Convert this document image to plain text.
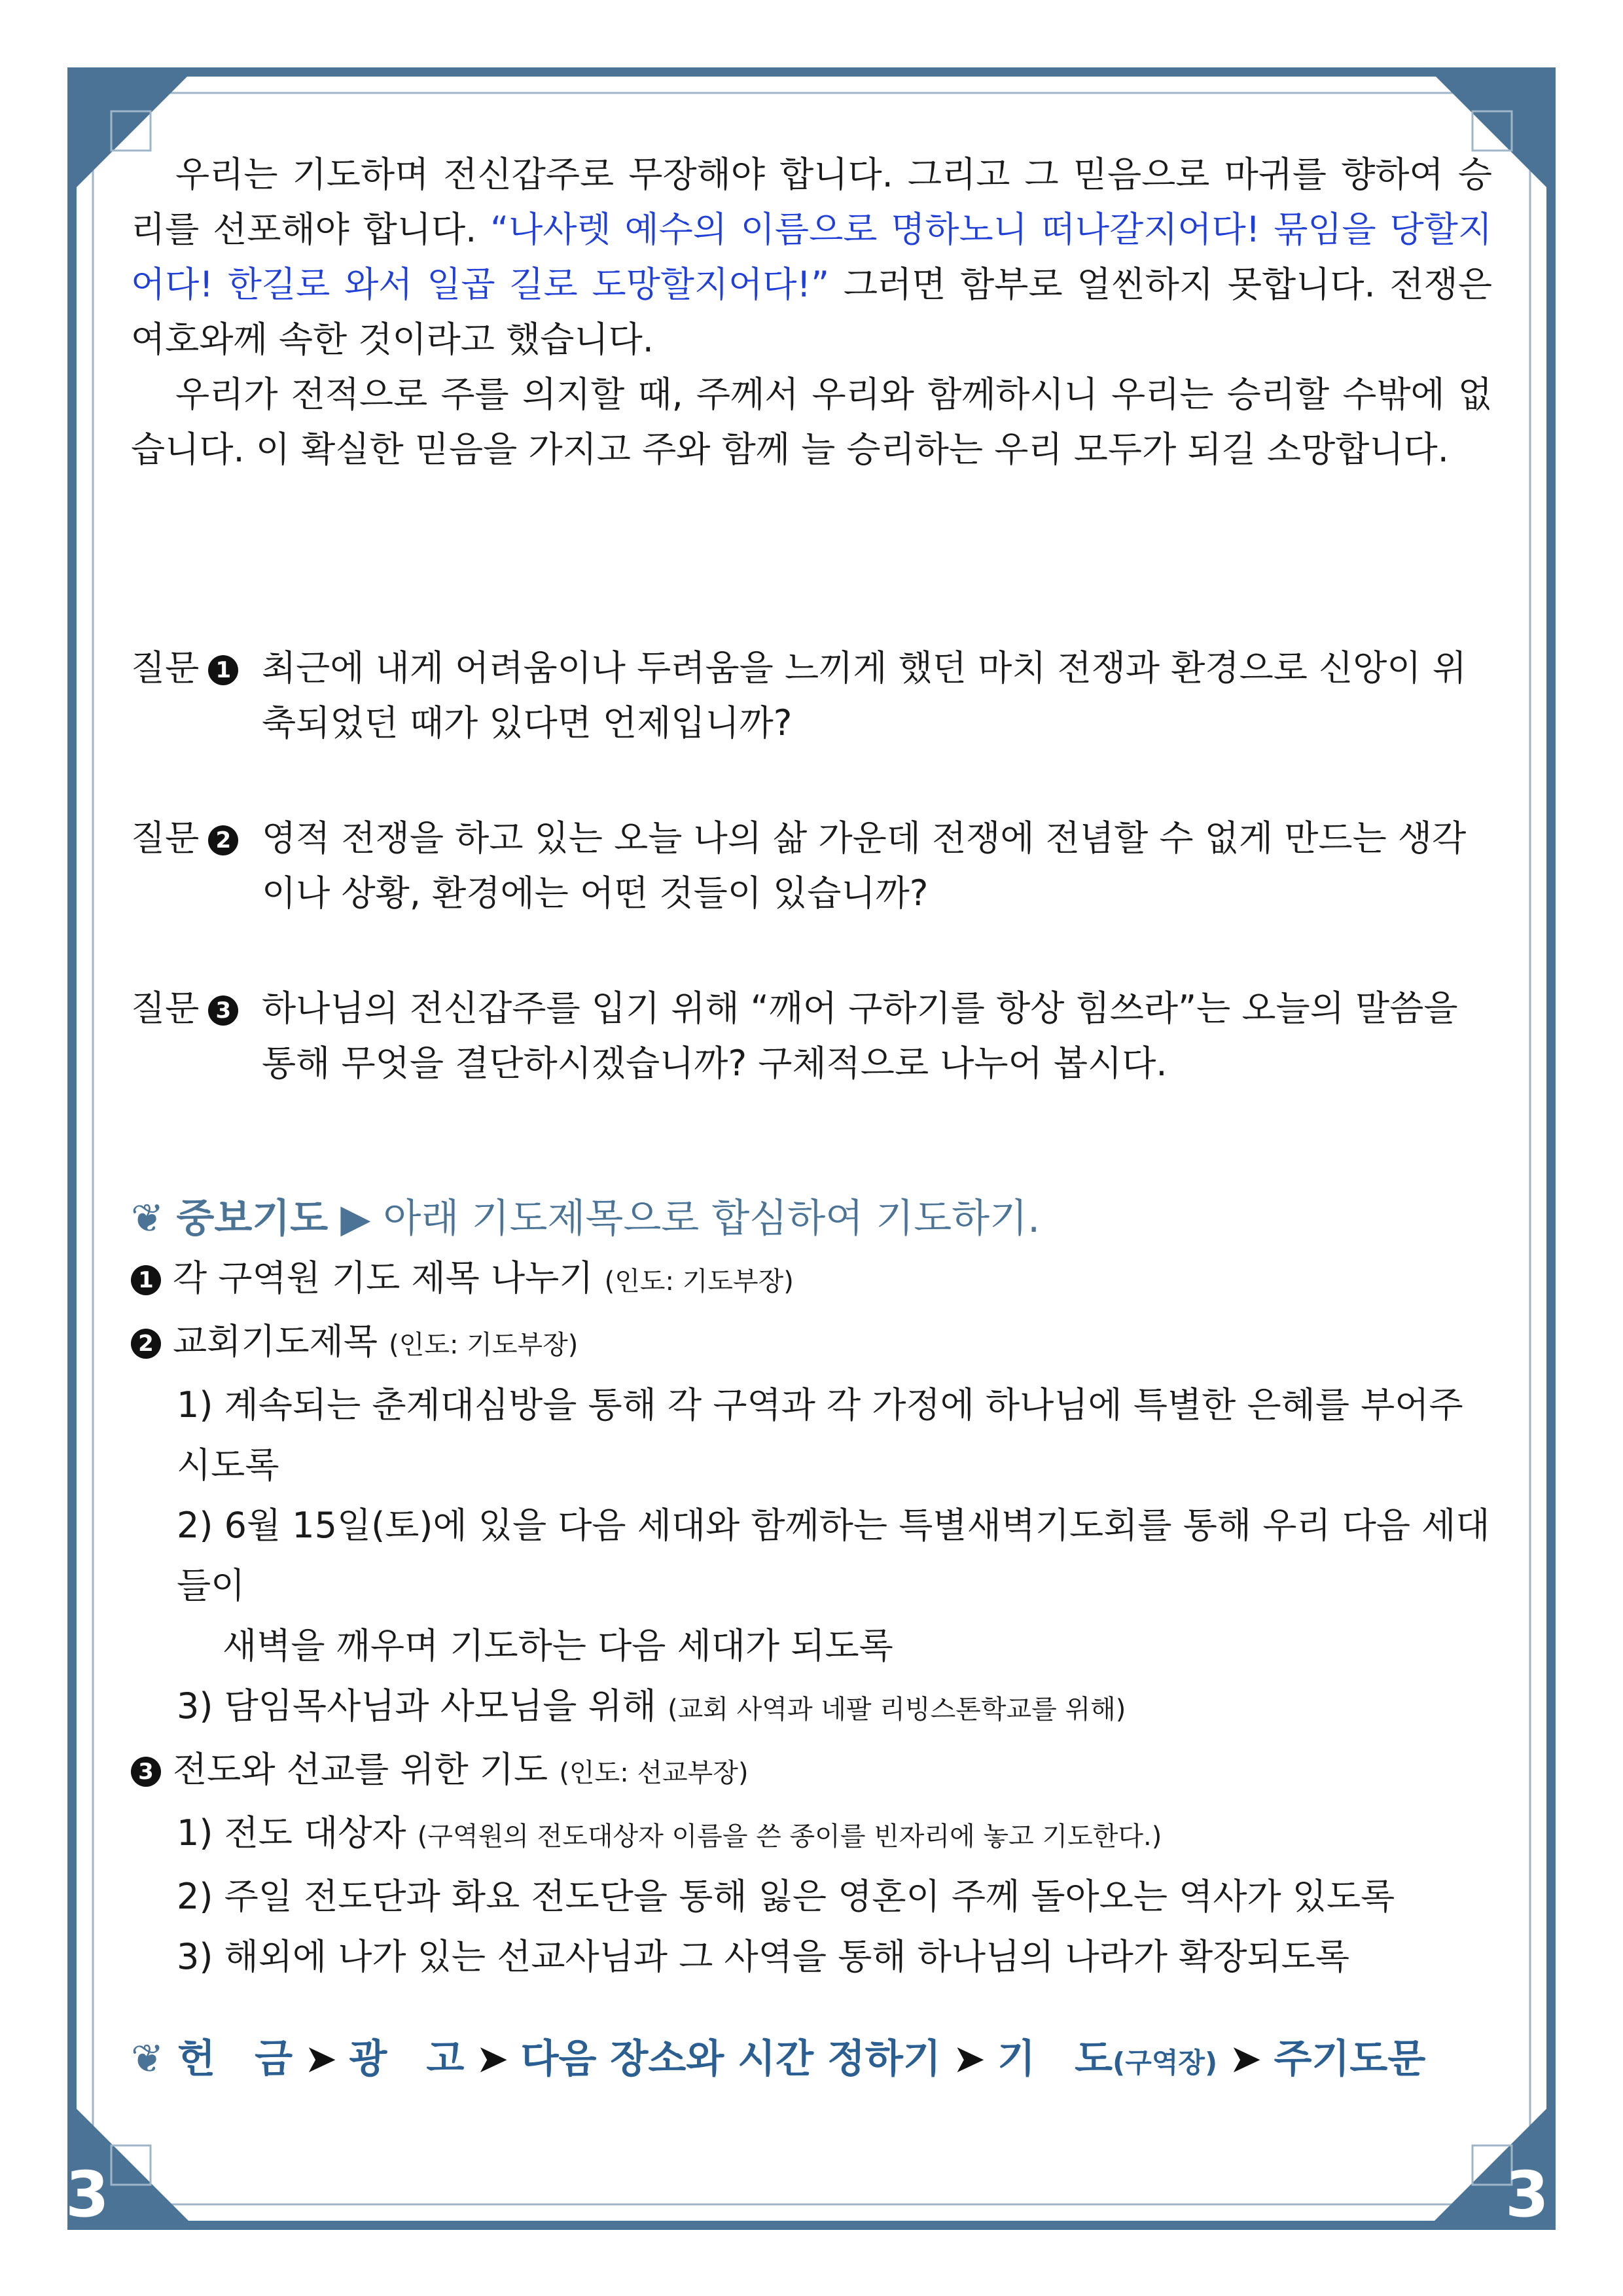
3	3

우리는 기도하며 전신갑주로 무장해야 합니다. 그리고 그 믿음으로 마귀를 향하여 승리를 선포해야 합니다. “나사렛 예수의 이름으로 명하노니 떠나갈지어다! 묶임을 당할지어다! 한길로 와서 일곱 길로 도망할지어다!” 그러면 함부로 얼씬하지 못합니다. 전쟁은 여호와께 속한 것이라고 했습니다.

우리가 전적으로 주를 의지할 때, 주께서 우리와 함께하시니 우리는 승리할 수밖에 없습니다. 이 확실한 믿음을 가지고 주와 함께 늘 승리하는 우리 모두가 되길 소망합니다.

질문 1 최근에 내게 어려움이나 두려움을 느끼게 했던 마치 전쟁과 환경으로 신앙이 위축되었던 때가 있다면 언제입니까?
질문 2 영적 전쟁을 하고 있는 오늘 나의 삶 가운데 전쟁에 전념할 수 없게 만드는 생각이나 상황, 환경에는 어떤 것들이 있습니까?
질문 3 하나님의 전신갑주를 입기 위해 “깨어 구하기를 항상 힘쓰라”는 오늘의 말씀을 통해 무엇을 결단하시겠습니까? 구체적으로 나누어 봅시다.
❦ 중보기도 ▶ 아래 기도제목으로 합심하여 기도하기.
1 각 구역원 기도 제목 나누기 (인도: 기도부장)
2 교회기도제목 (인도: 기도부장)
1) 계속되는 춘계대심방을 통해 각 구역과 각 가정에 하나님에 특별한 은혜를 부어주시도록
2) 6월 15일(토)에 있을 다음 세대와 함께하는 특별새벽기도회를 통해 우리 다음 세대들이
새벽을 깨우며 기도하는 다음 세대가 되도록
3) 담임목사님과 사모님을 위해 (교회 사역과 네팔 리빙스톤학교를 위해)
3 전도와 선교를 위한 기도 (인도: 선교부장)
1) 전도 대상자 (구역원의 전도대상자 이름을 쓴 종이를 빈자리에 놓고 기도한다.)
2) 주일 전도단과 화요 전도단을 통해 잃은 영혼이 주께 돌아오는 역사가 있도록
3) 해외에 나가 있는 선교사님과 그 사역을 통해 하나님의 나라가 확장되도록
❦ 헌　금 ➤ 광　고 ➤ 다음 장소와 시간 정하기 ➤ 기　도(구역장) ➤ 주기도문
